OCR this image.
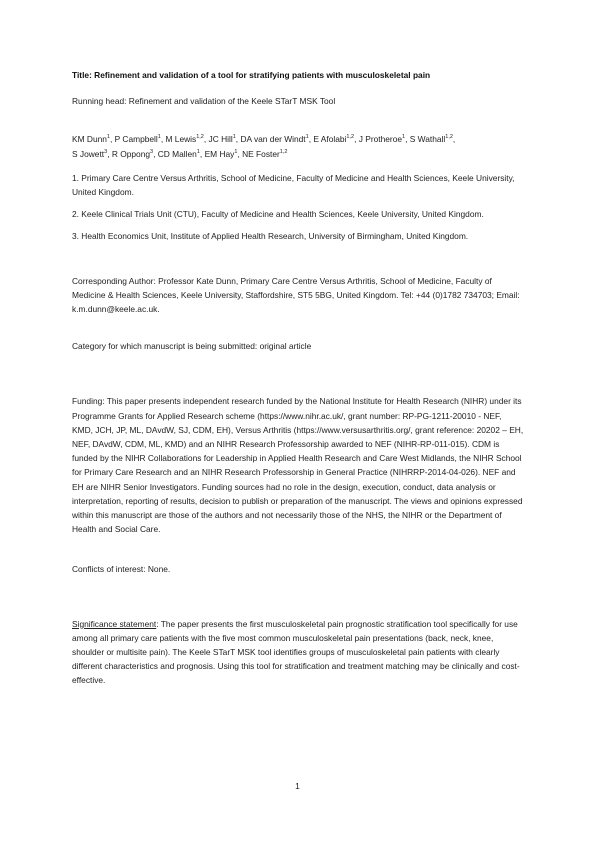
Title: Refinement and validation of a tool for stratifying patients with musculoskeletal pain

Running head: Refinement and validation of the Keele STarT MSK Tool

KM Dunn$^1$, P Campbell$^1$, M Lewis$^{1,2}$, JC Hill$^1$, DA van der Windt$^1$, E Afolabi$^{1,2}$, J Protheroe$^1$, S Wathall$^{1,2}$,
S Jowett$^3$, R Oppong$^3$, CD Mallen$^1$, EM Hay$^1$, NE Foster$^{1,2}$

1. Primary Care Centre Versus Arthritis, School of Medicine, Faculty of Medicine and Health Sciences, Keele University, United Kingdom.

2. Keele Clinical Trials Unit (CTU), Faculty of Medicine and Health Sciences, Keele University, United Kingdom.

3. Health Economics Unit, Institute of Applied Health Research, University of Birmingham, United Kingdom.

Corresponding Author: Professor Kate Dunn, Primary Care Centre Versus Arthritis, School of Medicine, Faculty of Medicine & Health Sciences, Keele University, Staffordshire, ST5 5BG, United Kingdom. Tel: +44 (0)1782 734703; Email: k.m.dunn@keele.ac.uk.

Category for which manuscript is being submitted: original article

Funding: This paper presents independent research funded by the National Institute for Health Research (NIHR) under its Programme Grants for Applied Research scheme (https://www.nihr.ac.uk/, grant number: RP-PG-1211-20010 - NEF, KMD, JCH, JP, ML, DAvdW, SJ, CDM, EH), Versus Arthritis (https://www.versusarthritis.org/, grant reference: 20202 – EH, NEF, DAvdW, CDM, ML, KMD) and an NIHR Research Professorship awarded to NEF (NIHR-RP-011-015). CDM is funded by the NIHR Collaborations for Leadership in Applied Health Research and Care West Midlands, the NIHR School for Primary Care Research and an NIHR Research Professorship in General Practice (NIHRRP-2014-04-026). NEF and EH are NIHR Senior Investigators. Funding sources had no role in the design, execution, conduct, data analysis or interpretation, reporting of results, decision to publish or preparation of the manuscript. The views and opinions expressed within this manuscript are those of the authors and not necessarily those of the NHS, the NIHR or the Department of Health and Social Care.

Conflicts of interest: None.

Significance statement: The paper presents the first musculoskeletal pain prognostic stratification tool specifically for use among all primary care patients with the five most common musculoskeletal pain presentations (back, neck, knee, shoulder or multisite pain). The Keele STarT MSK tool identifies groups of musculoskeletal pain patients with clearly different characteristics and prognosis. Using this tool for stratification and treatment matching may be clinically and cost-effective.

1
